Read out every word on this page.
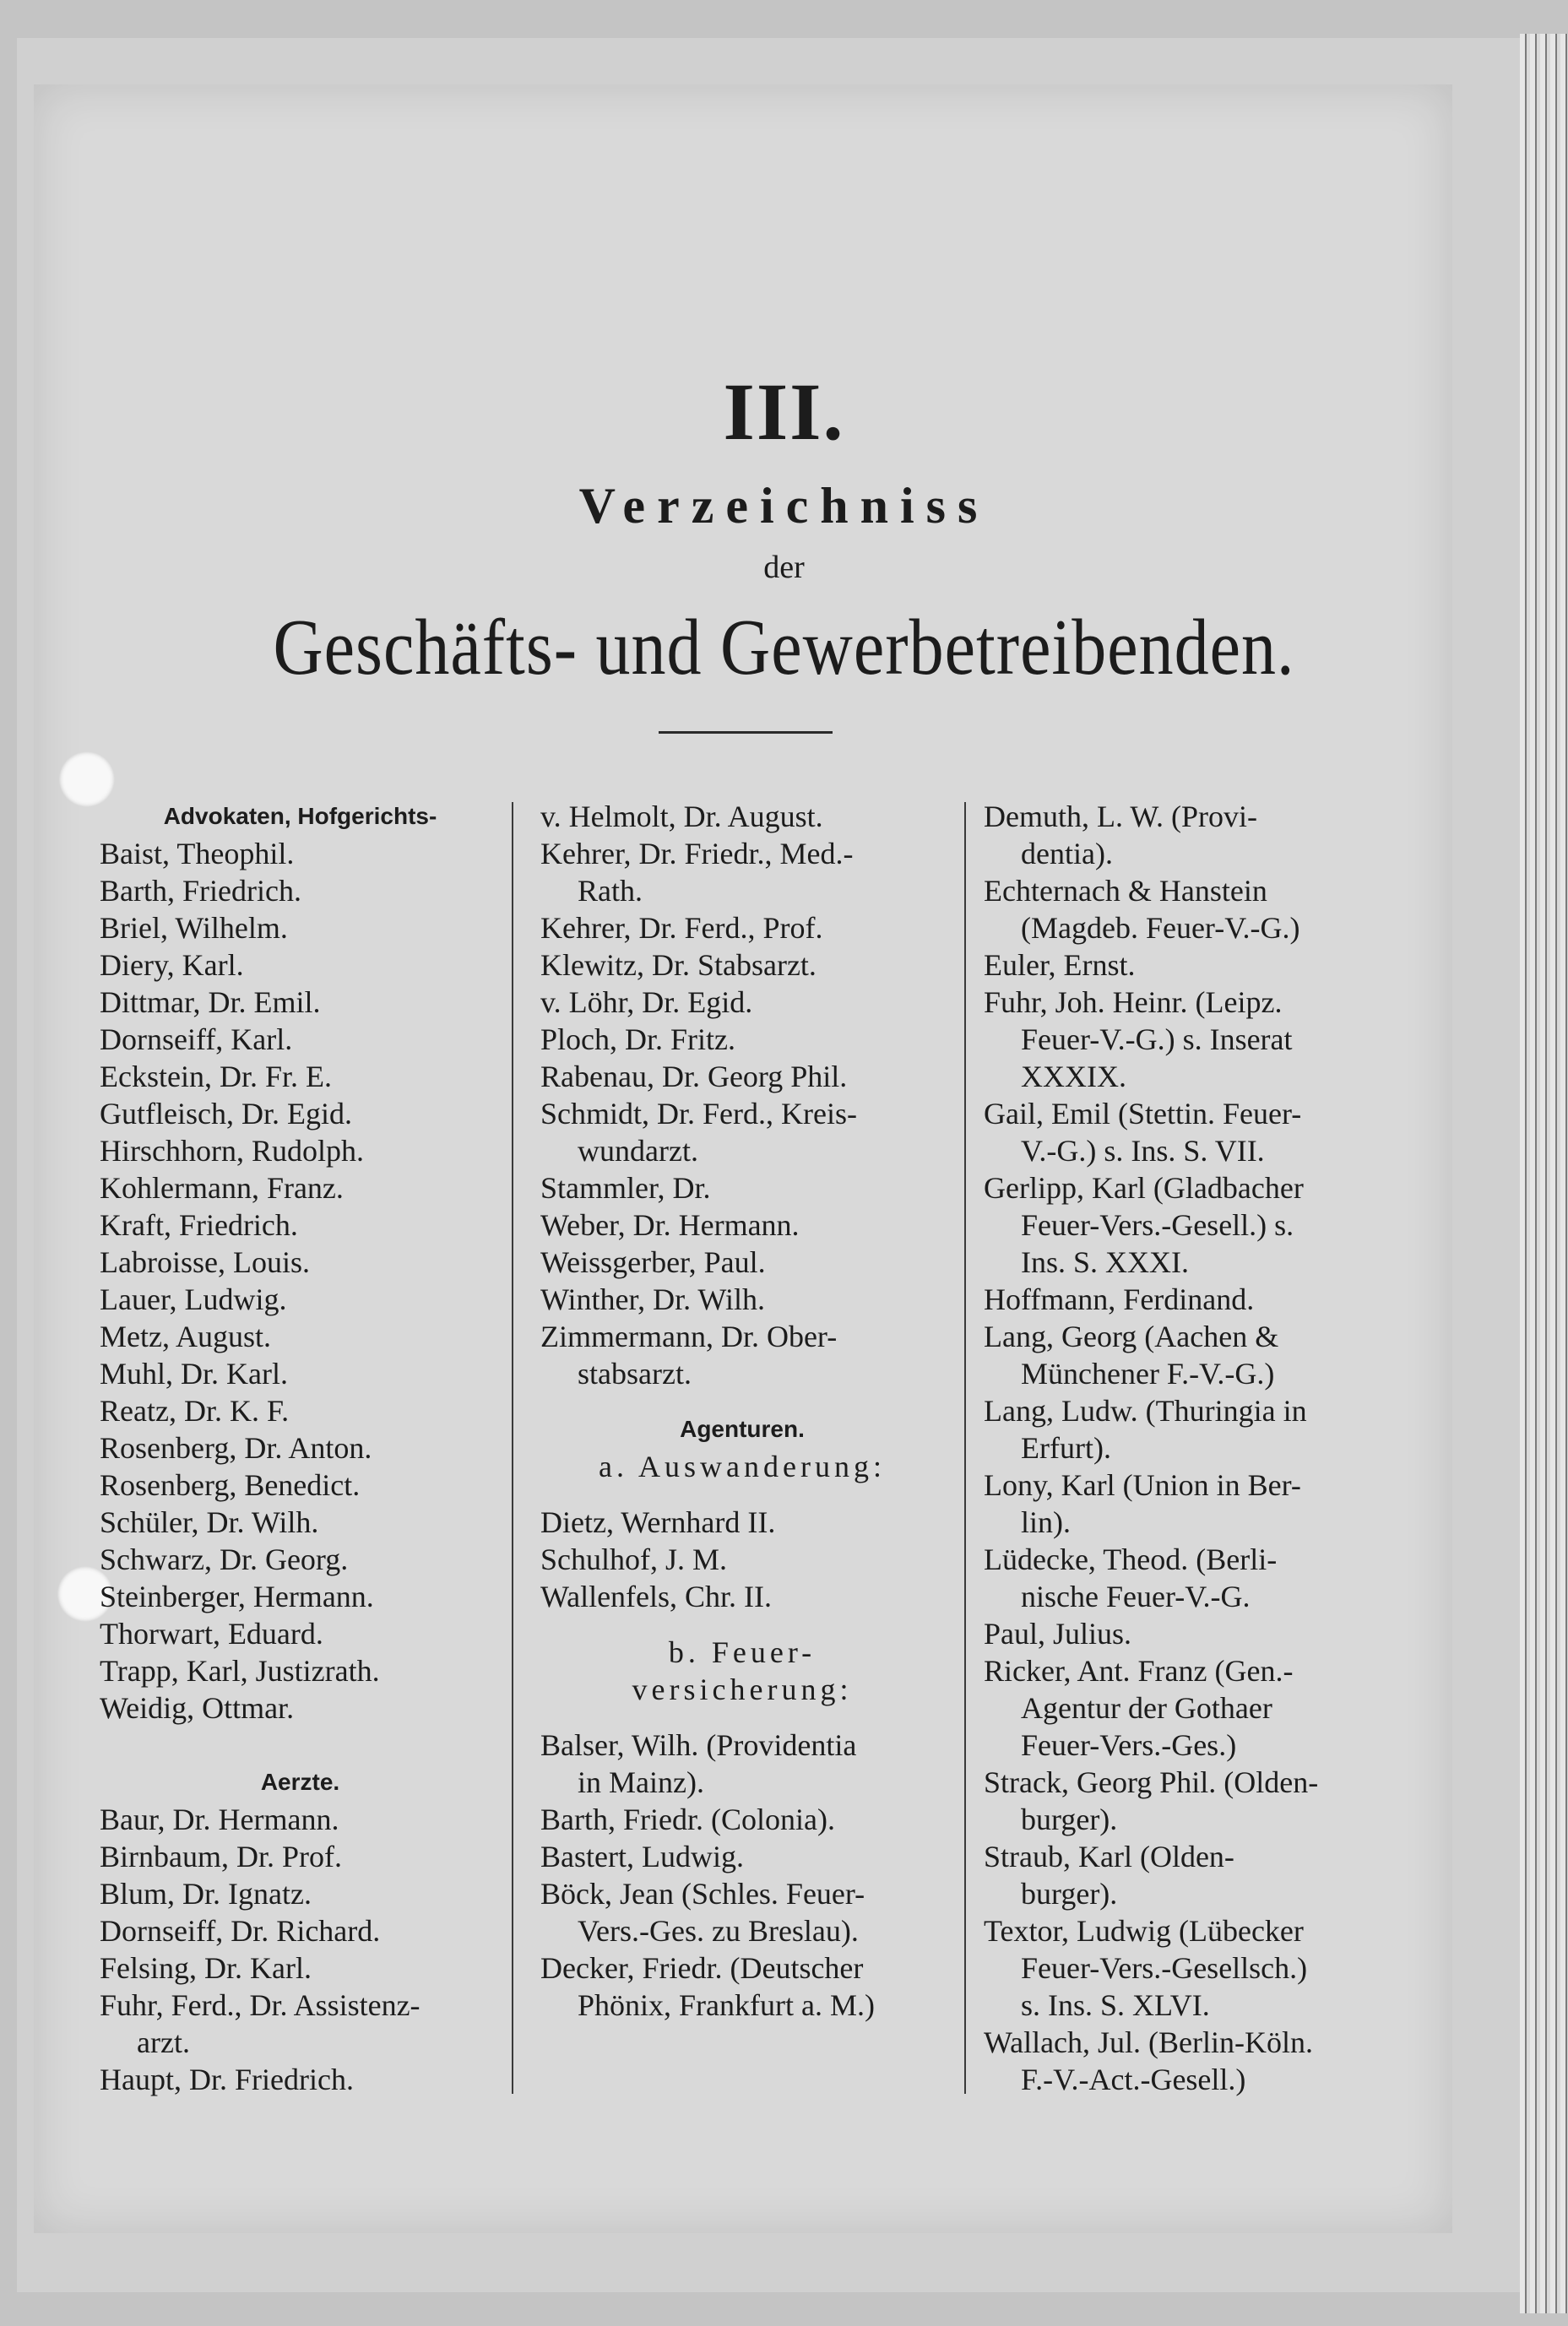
III.
Verzeichniss
der
Geschäfts- und Gewerbetreibenden.
Advokaten, Hofgerichts-
Baist, Theophil.
Barth, Friedrich.
Briel, Wilhelm.
Diery, Karl.
Dittmar, Dr. Emil.
Dornseiff, Karl.
Eckstein, Dr. Fr. E.
Gutfleisch, Dr. Egid.
Hirschhorn, Rudolph.
Kohlermann, Franz.
Kraft, Friedrich.
Labroisse, Louis.
Lauer, Ludwig.
Metz, August.
Muhl, Dr. Karl.
Reatz, Dr. K. F.
Rosenberg, Dr. Anton.
Rosenberg, Benedict.
Schüler, Dr. Wilh.
Schwarz, Dr. Georg.
Steinberger, Hermann.
Thorwart, Eduard.
Trapp, Karl, Justizrath.
Weidig, Ottmar.
Aerzte.
Baur, Dr. Hermann.
Birnbaum, Dr. Prof.
Blum, Dr. Ignatz.
Dornseiff, Dr. Richard.
Felsing, Dr. Karl.
Fuhr, Ferd., Dr. Assistenz-
arzt.
Haupt, Dr. Friedrich.
v. Helmolt, Dr. August.
Kehrer, Dr. Friedr., Med.-
Rath.
Kehrer, Dr. Ferd., Prof.
Klewitz, Dr. Stabsarzt.
v. Löhr, Dr. Egid.
Ploch, Dr. Fritz.
Rabenau, Dr. Georg Phil.
Schmidt, Dr. Ferd., Kreis-
wundarzt.
Stammler, Dr.
Weber, Dr. Hermann.
Weissgerber, Paul.
Winther, Dr. Wilh.
Zimmermann, Dr. Ober-
stabsarzt.
Agenturen.
a. Auswanderung:
Dietz, Wernhard II.
Schulhof, J. M.
Wallenfels, Chr. II.
b. Feuer-
versicherung:
Balser, Wilh. (Providentia
in Mainz).
Barth, Friedr. (Colonia).
Bastert, Ludwig.
Böck, Jean (Schles. Feuer-
Vers.-Ges. zu Breslau).
Decker, Friedr. (Deutscher
Phönix, Frankfurt a. M.)
Demuth, L. W. (Provi-
dentia).
Echternach & Hanstein
(Magdeb. Feuer-V.-G.)
Euler, Ernst.
Fuhr, Joh. Heinr. (Leipz.
Feuer-V.-G.) s. Inserat
XXXIX.
Gail, Emil (Stettin. Feuer-
V.-G.) s. Ins. S. VII.
Gerlipp, Karl (Gladbacher
Feuer-Vers.-Gesell.) s.
Ins. S. XXXI.
Hoffmann, Ferdinand.
Lang, Georg (Aachen &
Münchener F.-V.-G.)
Lang, Ludw. (Thuringia in
Erfurt).
Lony, Karl (Union in Ber-
lin).
Lüdecke, Theod. (Berli-
nische Feuer-V.-G.
Paul, Julius.
Ricker, Ant. Franz (Gen.-
Agentur der Gothaer
Feuer-Vers.-Ges.)
Strack, Georg Phil. (Olden-
burger).
Straub, Karl (Olden-
burger).
Textor, Ludwig (Lübecker
Feuer-Vers.-Gesellsch.)
s. Ins. S. XLVI.
Wallach, Jul. (Berlin-Köln.
F.-V.-Act.-Gesell.)
